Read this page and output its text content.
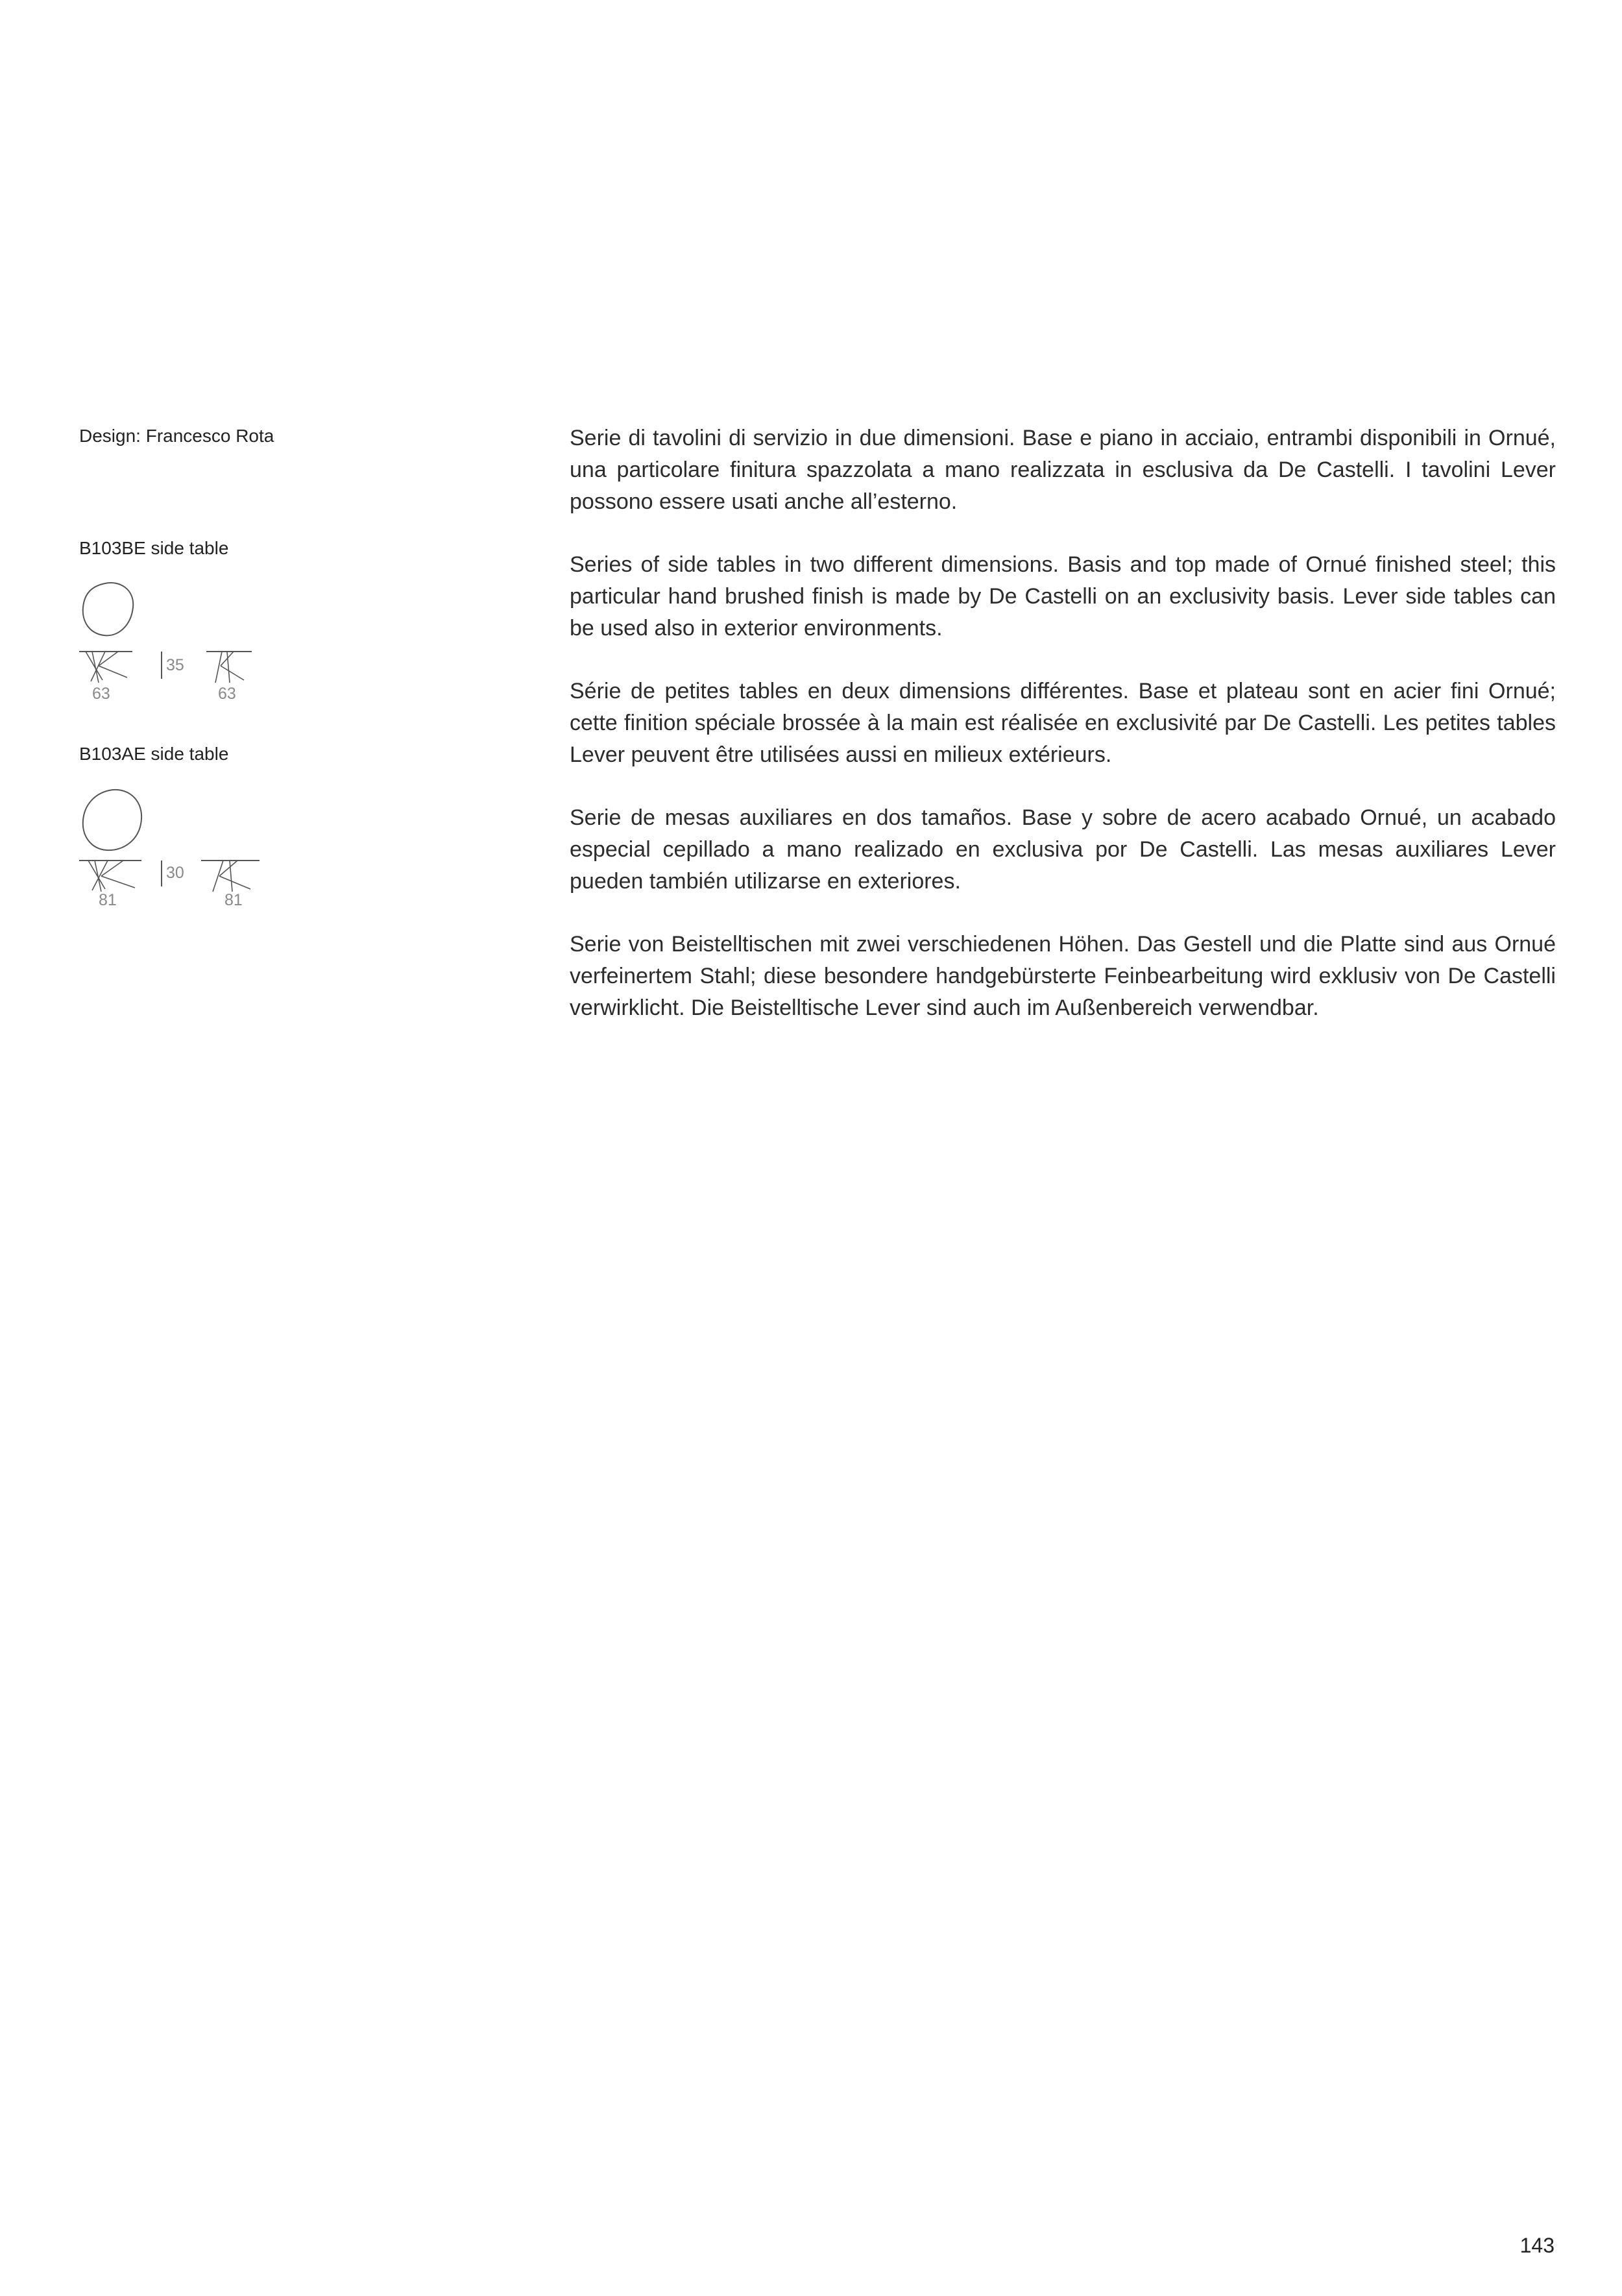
Design: Francesco Rota
B103BE side table
35
63	63
B103AE side table
30
81	81

Serie di tavolini di servizio in due dimensioni. Base e piano in acciaio, entrambi disponibili in Ornué, una particolare finitura spazzolata a mano realizzata in esclusiva da De Castelli. I tavolini Lever possono essere usati anche all’esterno.

Series of side tables in two different dimensions. Basis and top made of Ornué finished steel; this particular hand brushed finish is made by De Castelli on an exclusivity basis. Lever side tables can be used also in exterior environments.

Série de petites tables en deux dimensions différentes. Base et plateau sont en acier fini Ornué; cette finition spéciale brossée à la main est réalisée en exclusivité par De Castelli. Les petites tables Lever peuvent être utilisées aussi en milieux extérieurs.

Serie de mesas auxiliares en dos tamaños. Base y sobre de acero acabado Ornué, un acabado especial cepillado a mano realizado en exclusiva por De Castelli. Las mesas auxiliares Lever pueden también utilizarse en exteriores.

Serie von Beistelltischen mit zwei verschiedenen Höhen. Das Gestell und die Platte sind aus Ornué verfeinertem Stahl; diese besondere handgebürsterte Feinbearbeitung wird exklusiv von De Castelli verwirklicht. Die Beistelltische Lever sind auch im Außenbereich verwendbar.

143
